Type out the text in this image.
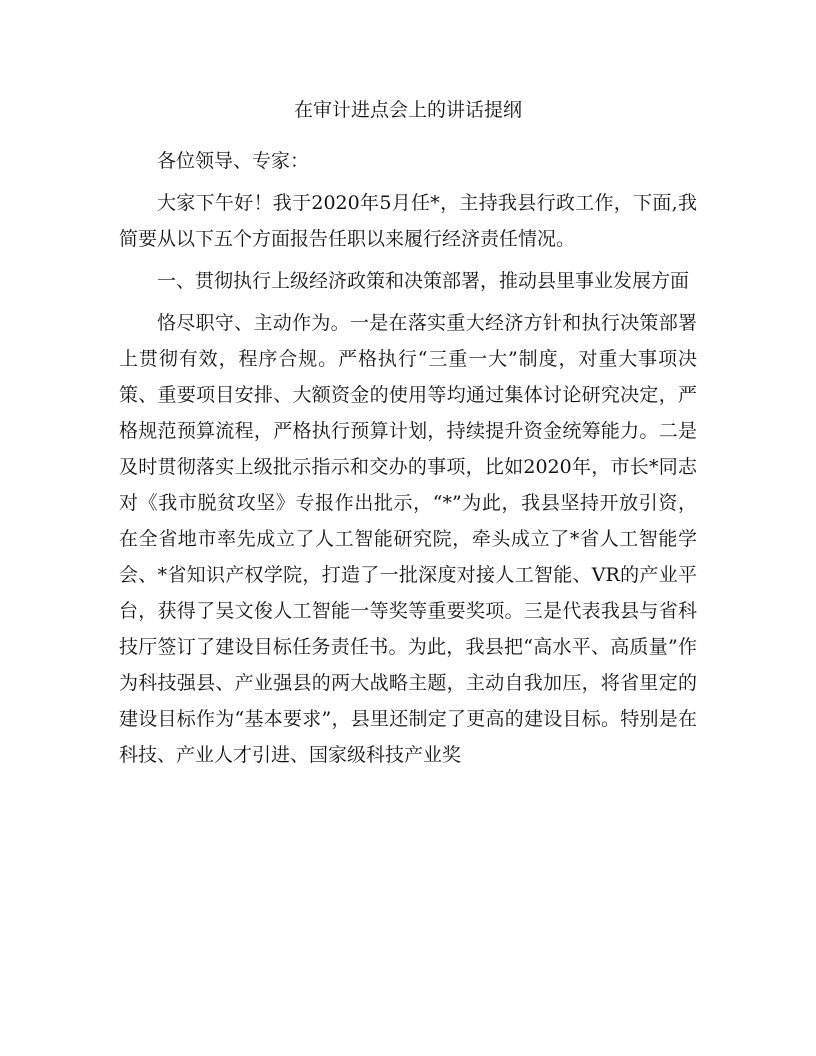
在审计进点会上的讲话提纲

各位领导、专家：

大家下午好！我于2020年5月任*，主持我县行政工作，下面,我简要从以下五个方面报告任职以来履行经济责任情况。

一、贯彻执行上级经济政策和决策部署，推动县里事业发展方面

恪尽职守、主动作为。一是在落实重大经济方针和执行决策部署上贯彻有效，程序合规。严格执行“三重一大”制度，对重大事项决策、重要项目安排、大额资金的使用等均通过集体讨论研究决定，严格规范预算流程，严格执行预算计划，持续提升资金统筹能力。二是及时贯彻落实上级批示指示和交办的事项，比如2020年，市长*同志对《我市脱贫攻坚》专报作出批示，“*”为此，我县坚持开放引资，在全省地市率先成立了人工智能研究院，牵头成立了*省人工智能学会、*省知识产权学院，打造了一批深度对接人工智能、VR的产业平台，获得了吴文俊人工智能一等奖等重要奖项。三是代表我县与省科技厅签订了建设目标任务责任书。为此，我县把“高水平、高质量”作为科技强县、产业强县的两大战略主题，主动自我加压，将省里定的建设目标作为“基本要求”，县里还制定了更高的建设目标。特别是在科技、产业人才引进、国家级科技产业奖
